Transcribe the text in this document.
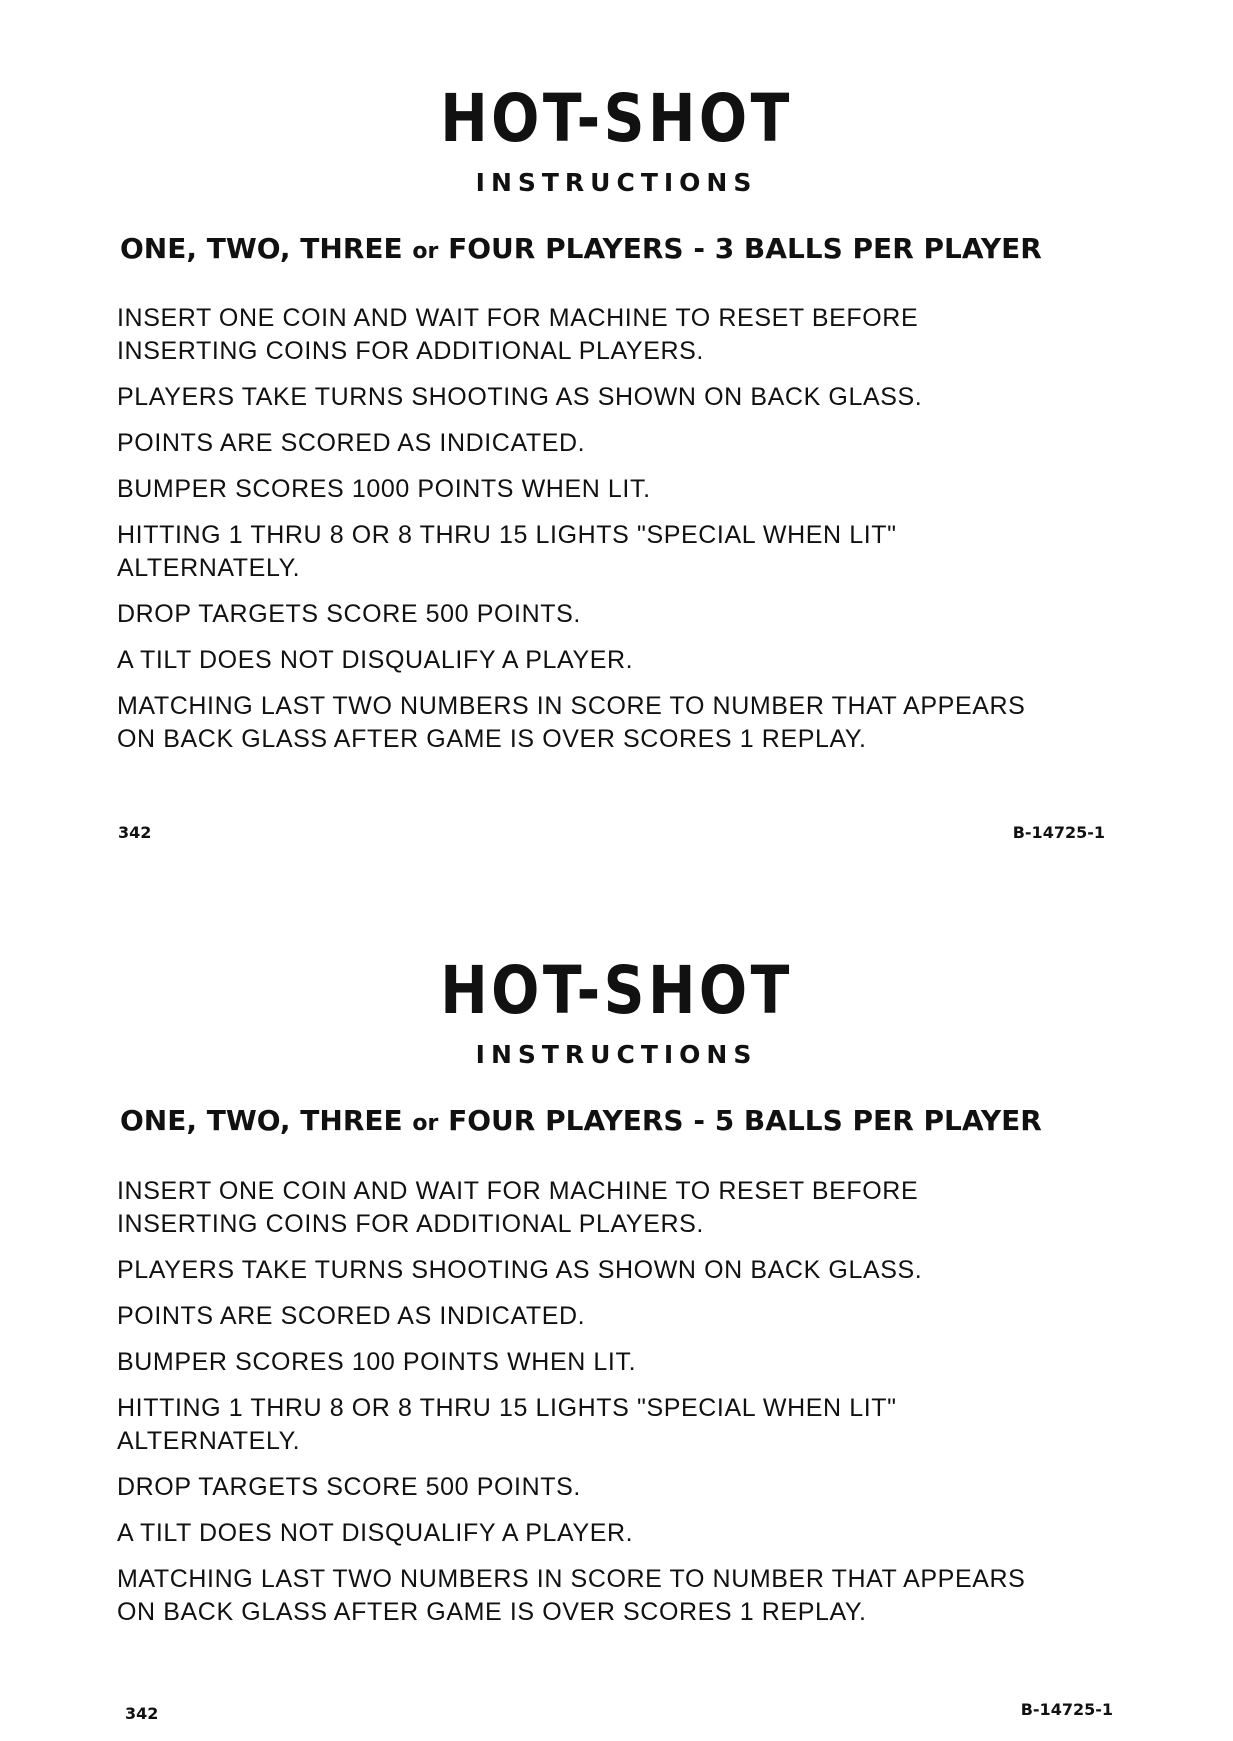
HOT-SHOT
INSTRUCTIONS
ONE, TWO, THREE or FOUR PLAYERS - 3 BALLS PER PLAYER

INSERT ONE COIN AND WAIT FOR MACHINE TO RESET BEFORE
INSERTING COINS FOR ADDITIONAL PLAYERS.

PLAYERS TAKE TURNS SHOOTING AS SHOWN ON BACK GLASS.

POINTS ARE SCORED AS INDICATED.

BUMPER SCORES 1000 POINTS WHEN LIT.

HITTING 1 THRU 8 OR 8 THRU 15 LIGHTS "SPECIAL WHEN LIT"
ALTERNATELY.

DROP TARGETS SCORE 500 POINTS.

A TILT DOES NOT DISQUALIFY A PLAYER.

MATCHING LAST TWO NUMBERS IN SCORE TO NUMBER THAT APPEARS
ON BACK GLASS AFTER GAME IS OVER SCORES 1 REPLAY.

342	B-14725-1
HOT-SHOT
INSTRUCTIONS
ONE, TWO, THREE or FOUR PLAYERS - 5 BALLS PER PLAYER

INSERT ONE COIN AND WAIT FOR MACHINE TO RESET BEFORE
INSERTING COINS FOR ADDITIONAL PLAYERS.

PLAYERS TAKE TURNS SHOOTING AS SHOWN ON BACK GLASS.

POINTS ARE SCORED AS INDICATED.

BUMPER SCORES 100 POINTS WHEN LIT.

HITTING 1 THRU 8 OR 8 THRU 15 LIGHTS "SPECIAL WHEN LIT"
ALTERNATELY.

DROP TARGETS SCORE 500 POINTS.

A TILT DOES NOT DISQUALIFY A PLAYER.

MATCHING LAST TWO NUMBERS IN SCORE TO NUMBER THAT APPEARS
ON BACK GLASS AFTER GAME IS OVER SCORES 1 REPLAY.

342	B-14725-1
